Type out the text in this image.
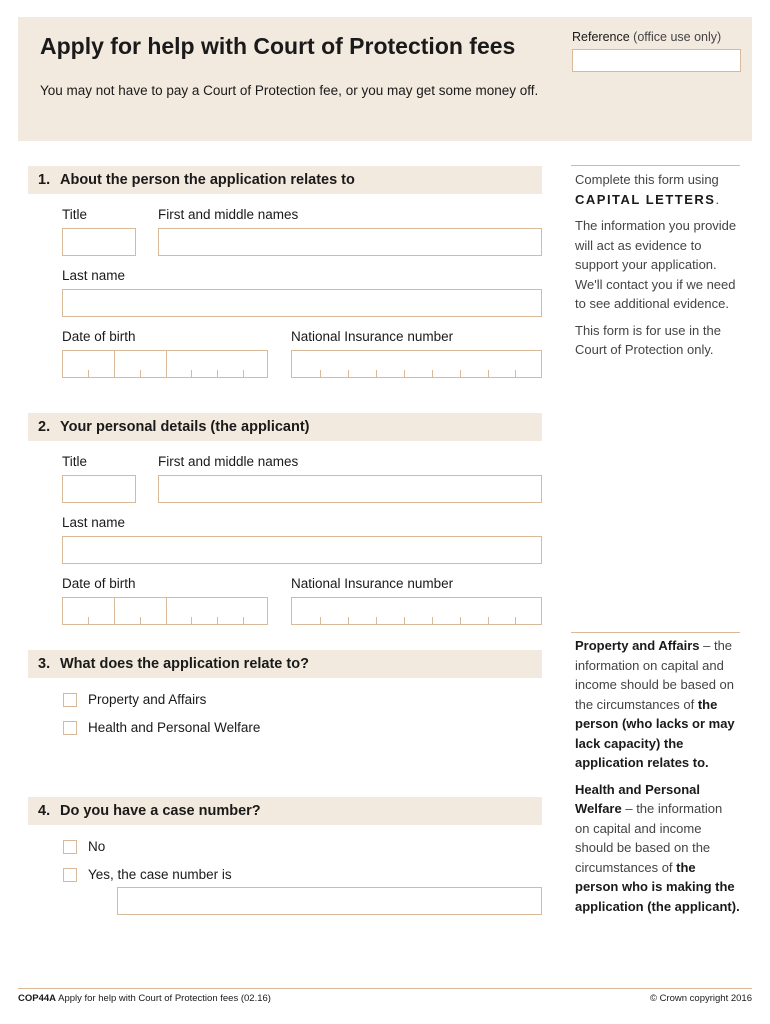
Apply for help with Court of Protection fees
You may not have to pay a Court of Protection fee, or you may get some money off.
Reference (office use only)
1. About the person the application relates to
Title	First and middle names
Last name
Date of birth	National Insurance number
2. Your personal details (the applicant)
Title	First and middle names
Last name
Date of birth	National Insurance number
3. What does the application relate to?
Property and Affairs
Health and Personal Welfare
4. Do you have a case number?
No
Yes, the case number is

Complete this form using
CAPITAL LETTERS.

The information you provide will act as evidence to support your application. We'll contact you if we need to see additional evidence.

This form is for use in the Court of Protection only.

Property and Affairs – the information on capital and income should be based on the circumstances of the person (who lacks or may lack capacity) the application relates to.

Health and Personal Welfare – the information on capital and income should be based on the circumstances of the person who is making the application (the applicant).

COP44A Apply for help with Court of Protection fees (02.16)	© Crown copyright 2016
